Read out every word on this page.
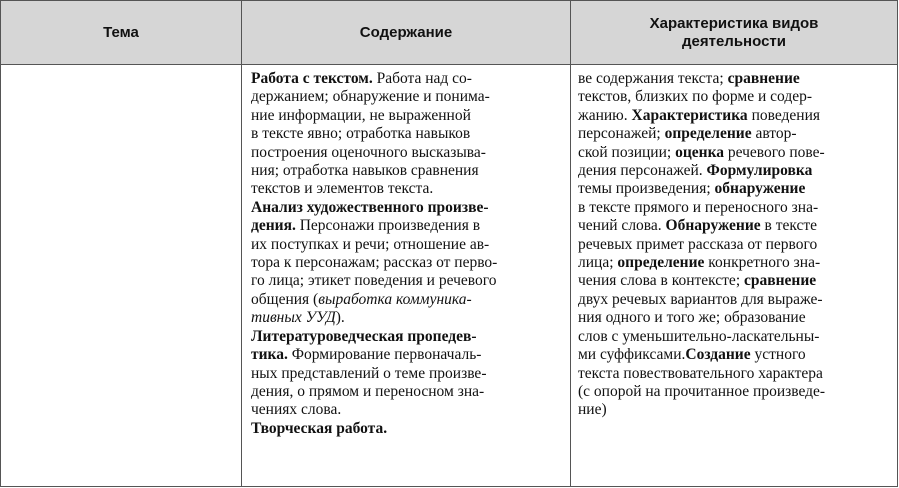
Тема	Содержание
Характеристика видов
деятельности
Работа с текстом. Работа над со-
держанием; обнаружение и понима-
ние информации, не выраженной
в тексте явно; отработка навыков
построения оценочного высказыва-
ния; отработка навыков сравнения
текстов и элементов текста.
Анализ художественного произве-
дения. Персонажи произведения в
их поступках и речи; отношение ав-
тора к персонажам; рассказ от перво-
го лица; этикет поведения и речевого
общения (выработка коммуника-
тивных УУД).
Литературоведческая пропедев-
тика. Формирование первоначаль-
ных представлений о теме произве-
дения, о прямом и переносном зна-
чениях слова.
Творческая работа.
ве содержания текста; сравнение
текстов, близких по форме и содер-
жанию. Характеристика поведения
персонажей; определение автор-
ской позиции; оценка речевого пове-
дения персонажей. Формулировка
темы произведения; обнаружение
в тексте прямого и переносного зна-
чений слова. Обнаружение в тексте
речевых примет рассказа от первого
лица; определение конкретного зна-
чения слова в контексте; сравнение
двух речевых вариантов для выраже-
ния одного и того же; образование
слов с уменьшительно-ласкательны-
ми суффиксами.Создание устного
текста повествовательного характера
(с опорой на прочитанное произведе-
ние)
